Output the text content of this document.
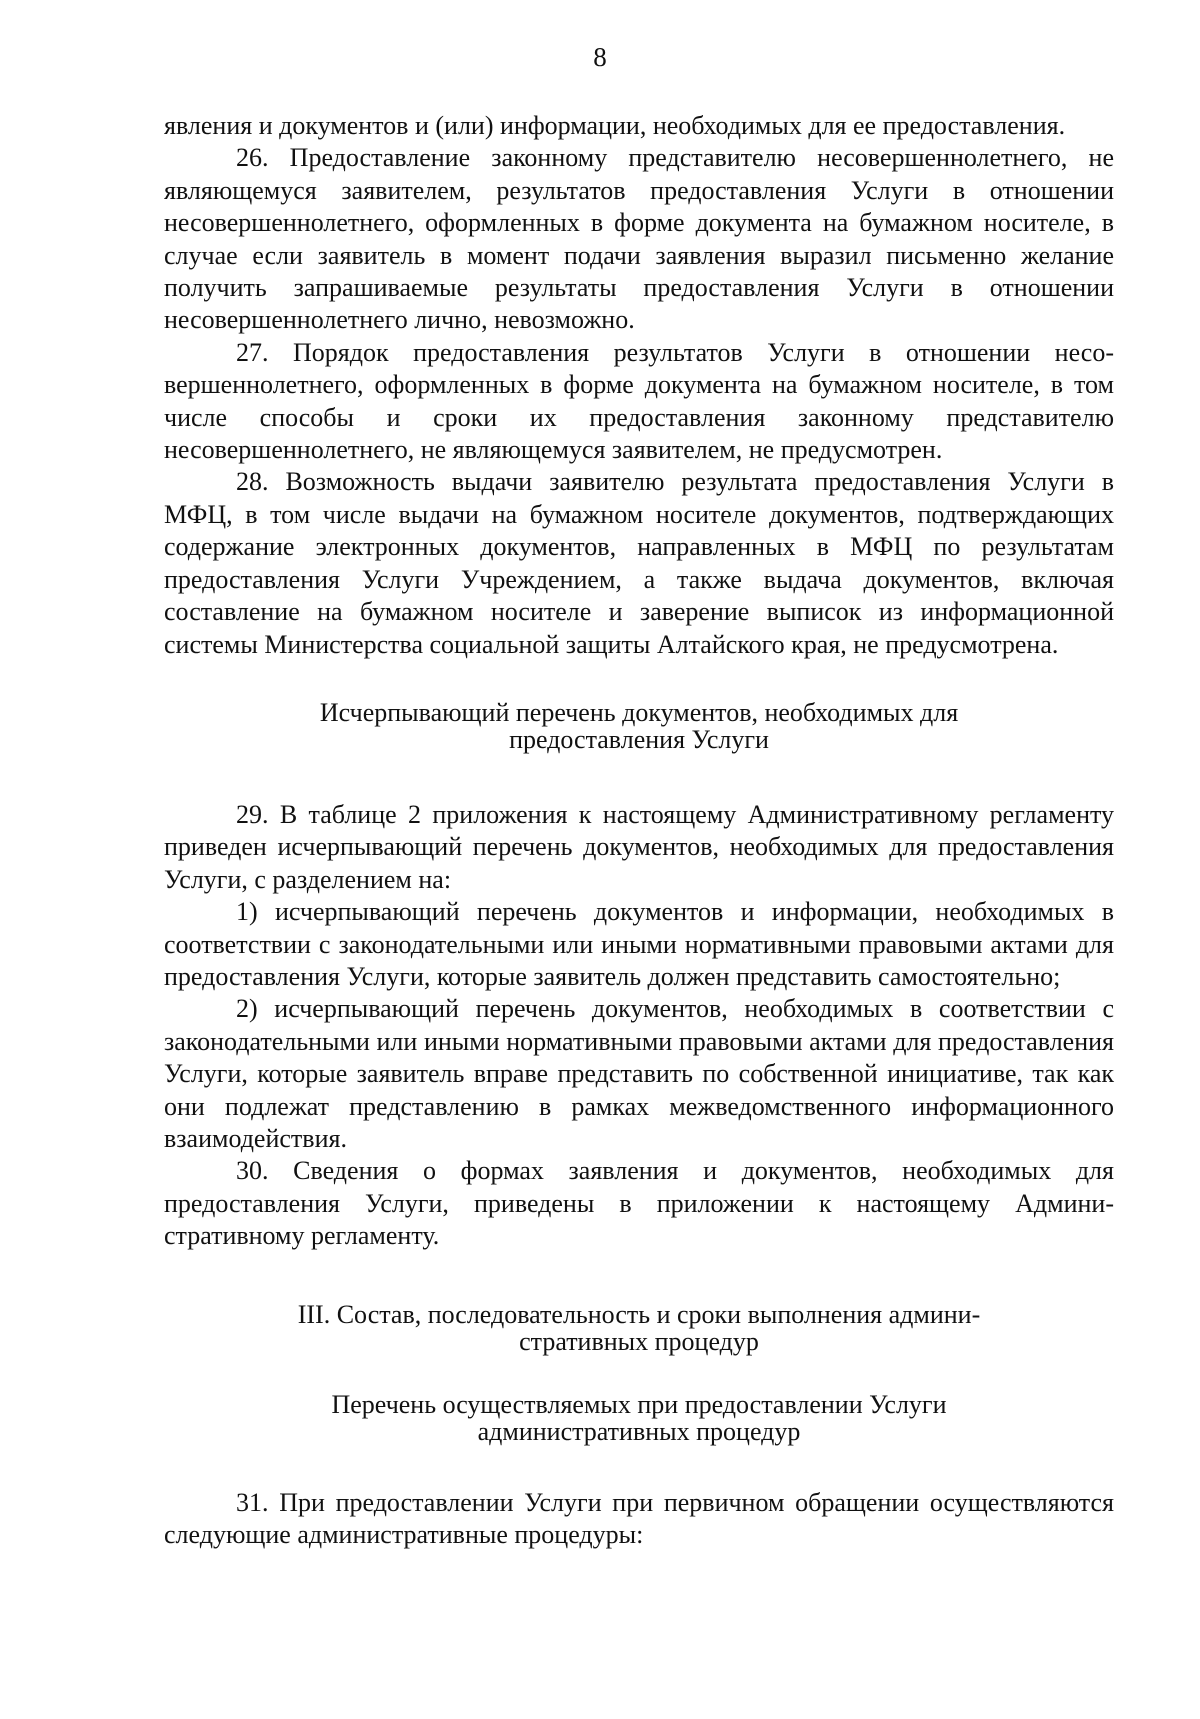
8

явления и документов и (или) информации, необходимых для ее предоставления.

26. Предоставление законному представителю несовершеннолетнего, не являющемуся заявителем, результатов предоставления Услуги в отношении несовершеннолетнего, оформленных в форме документа на бумажном носителе, в случае если заявитель в момент подачи заявления выразил письменно желание получить запрашиваемые результаты предоставления Услуги в отношении несовершеннолетнего лично, невозможно.

27. Порядок предоставления результатов Услуги в отношении несовершеннолетнего, оформленных в форме документа на бумажном носителе, в том числе способы и сроки их предоставления законному представителю несовершеннолетнего, не являющемуся заявителем, не предусмотрен.

28. Возможность выдачи заявителю результата предоставления Услуги в МФЦ, в том числе выдачи на бумажном носителе документов, подтверждающих содержание электронных документов, направленных в МФЦ по результатам предоставления Услуги Учреждением, а также выдача документов, включая составление на бумажном носителе и заверение выписок из информационной системы Министерства социальной защиты Алтайского края, не предусмотрена.

Исчерпывающий перечень документов, необходимых для предоставления Услуги

29. В таблице 2 приложения к настоящему Административному регламенту приведен исчерпывающий перечень документов, необходимых для предоставления Услуги, с разделением на:

1) исчерпывающий перечень документов и информации, необходимых в соответствии с законодательными или иными нормативными правовыми актами для предоставления Услуги, которые заявитель должен представить самостоятельно;

2) исчерпывающий перечень документов, необходимых в соответствии с законодательными или иными нормативными правовыми актами для предоставления Услуги, которые заявитель вправе представить по собственной инициативе, так как они подлежат представлению в рамках межведомственного информационного взаимодействия.

30. Сведения о формах заявления и документов, необходимых для предоставления Услуги, приведены в приложении к настоящему Административному регламенту.

III. Состав, последовательность и сроки выполнения административных процедур

Перечень осуществляемых при предоставлении Услуги административных процедур

31. При предоставлении Услуги при первичном обращении осуществляются следующие административные процедуры:
